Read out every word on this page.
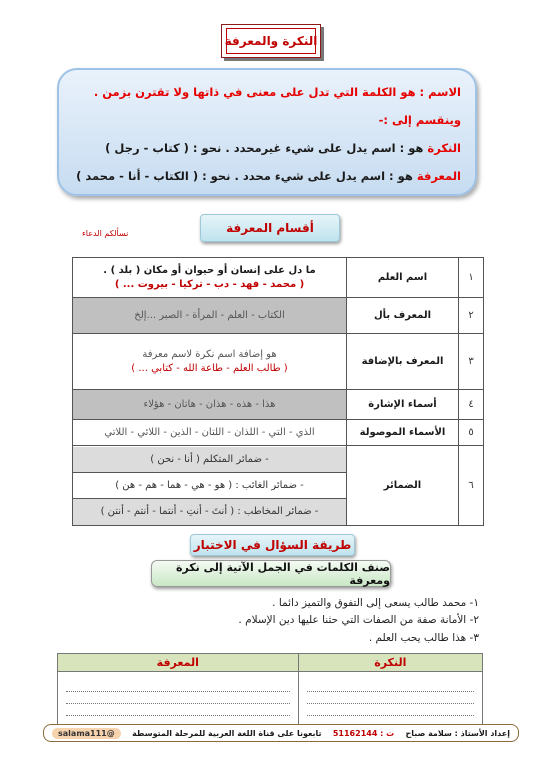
النكرة والمعرفة
الاسم : هو الكلمة التي تدل على معنى في ذاتها ولا تقترن بزمن .
وينقسم إلى :-
النكرة هو : اسم يدل على شيء غيرمحدد . نحو : ( كتاب - رجل )
المعرفة هو : اسم يدل على شيء محدد . نحو : ( الكتاب - أنا - محمد )
أقسام المعرفة
نسألكم الدعاء
١	اسم العلم	ما دل على إنسان أو حيوان أو مكان ( بلد ) .
( محمد - فهد - دب - تركيا - بيروت ... )

٢	المعرف بأل	الكتاب - العلم - المرأة - الصبر ...إلخ

٣	المعرف بالإضافة	هو إضافة اسم نكرة لاسم معرفة
( طالب العلم - طاعة الله - كتابي ... )

٤	أسماء الإشارة	هذا - هذه - هذان - هاتان - هؤلاء

٥	الأسماء الموصولة	الذي - التي - اللذان - اللتان - الذين - اللائي - اللاتي

٦	الضمائر	- ضمائر المتكلم ( أنا - نحن )
- ضمائر الغائب : ( هو - هي - هما - هم - هن )
- ضمائر المخاطب : ( أنتَ - أنتِ - أنتما - أنتم - أنتن )
طريقة السؤال في الاختبار
صنف الكلمات في الجمل الآتية إلى نكرة ومعرفة
١- محمد طالب يسعى إلى التفوق والتميز دائما .
٢- الأمانة صفة من الصفات التي حثنا عليها دين الإسلام .
٣- هذا طالب يحب العلم .
النكرة	المعرفة

إعداد الأستاذ : سلامة صباح
ت : 51162144
تابعونا على قناة اللغة العربية للمرحلة المتوسطة
@salama111
